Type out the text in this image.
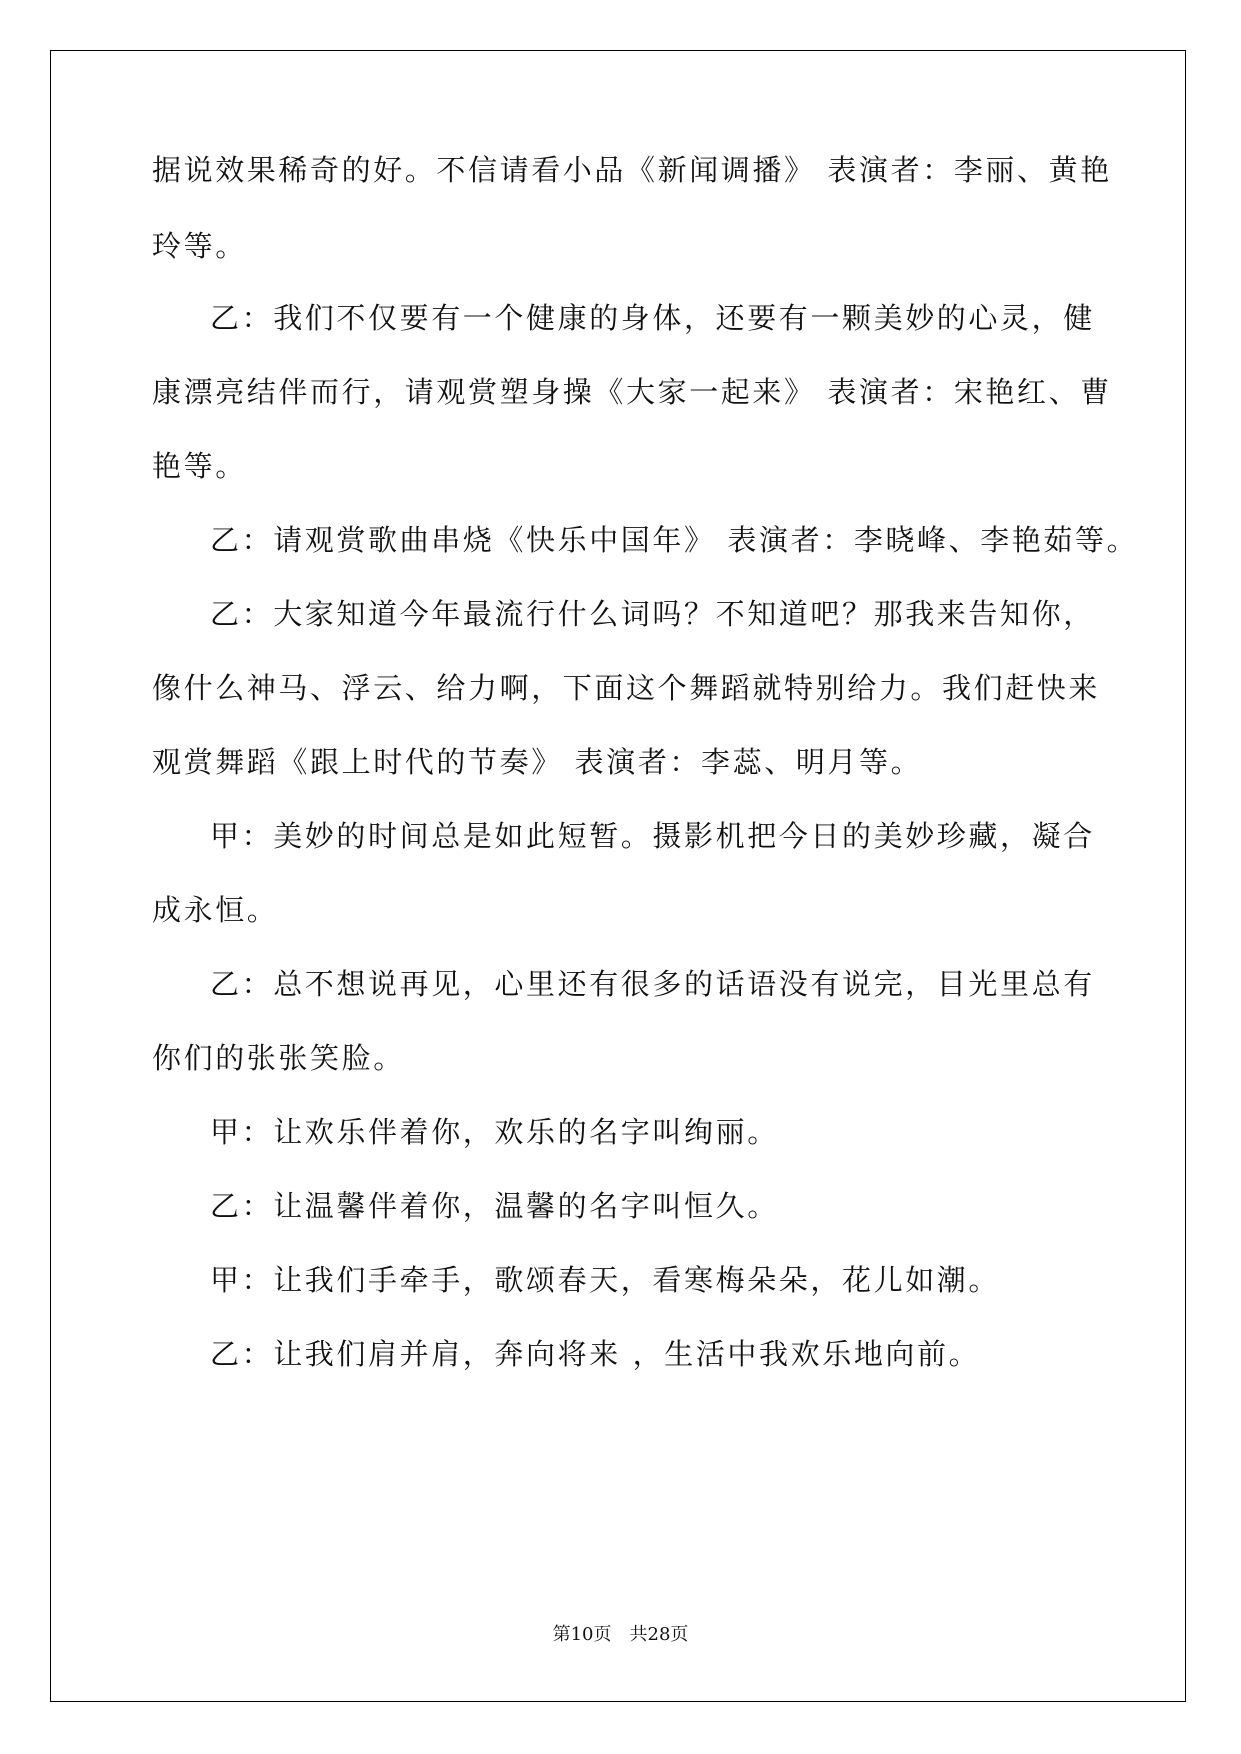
据说效果稀奇的好。不信请看小品《新闻调播》 表演者：李丽、黄艳
玲等。
乙：我们不仅要有一个健康的身体，还要有一颗美妙的心灵，健
康漂亮结伴而行，请观赏塑身操《大家一起来》 表演者：宋艳红、曹
艳等。
乙：请观赏歌曲串烧《快乐中国年》 表演者：李晓峰、李艳茹等。
乙：大家知道今年最流行什么词吗？不知道吧？那我来告知你，
像什么神马、浮云、给力啊，下面这个舞蹈就特别给力。我们赶快来
观赏舞蹈《跟上时代的节奏》 表演者：李蕊、明月等。
甲：美妙的时间总是如此短暂。摄影机把今日的美妙珍藏，凝合
成永恒。
乙：总不想说再见，心里还有很多的话语没有说完，目光里总有
你们的张张笑脸。
甲：让欢乐伴着你，欢乐的名字叫绚丽。
乙：让温馨伴着你，温馨的名字叫恒久。
甲：让我们手牵手，歌颂春天，看寒梅朵朵，花儿如潮。
乙：让我们肩并肩，奔向将来 ，生活中我欢乐地向前。
第10页 共28页
